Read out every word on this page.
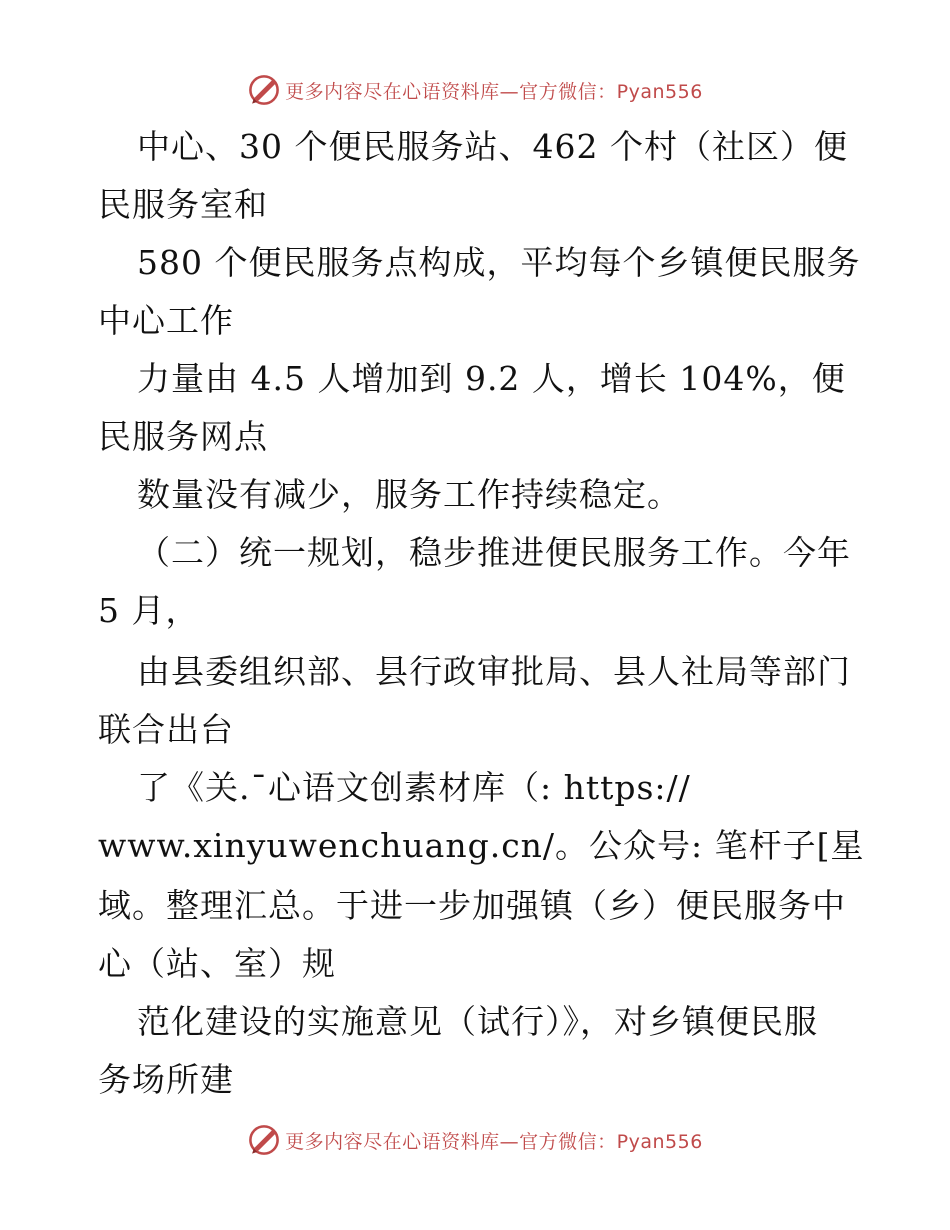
更多内容尽在心语资料库—官方微信：Pyan556
中心、30 个便民服务站、462 个村（社区）便
民服务室和
580 个便民服务点构成，平均每个乡镇便民服务
中心工作
力量由 4.5 人增加到 9.2 人，增长 104%，便
民服务网点
数量没有减少，服务工作持续稳定。
（二）统一规划，稳步推进便民服务工作。今年
5 月，
由县委组织部、县行政审批局、县人社局等部门
联合出台
了《关.¯心语文创素材库（: https://
www.xinyuwenchuang.cn/。公众号: 笔杆子[星
域。整理汇总。于进一步加强镇（乡）便民服务中
心（站、室）规
范化建设的实施意见（试行）》，对乡镇便民服
务场所建
更多内容尽在心语资料库—官方微信：Pyan556
